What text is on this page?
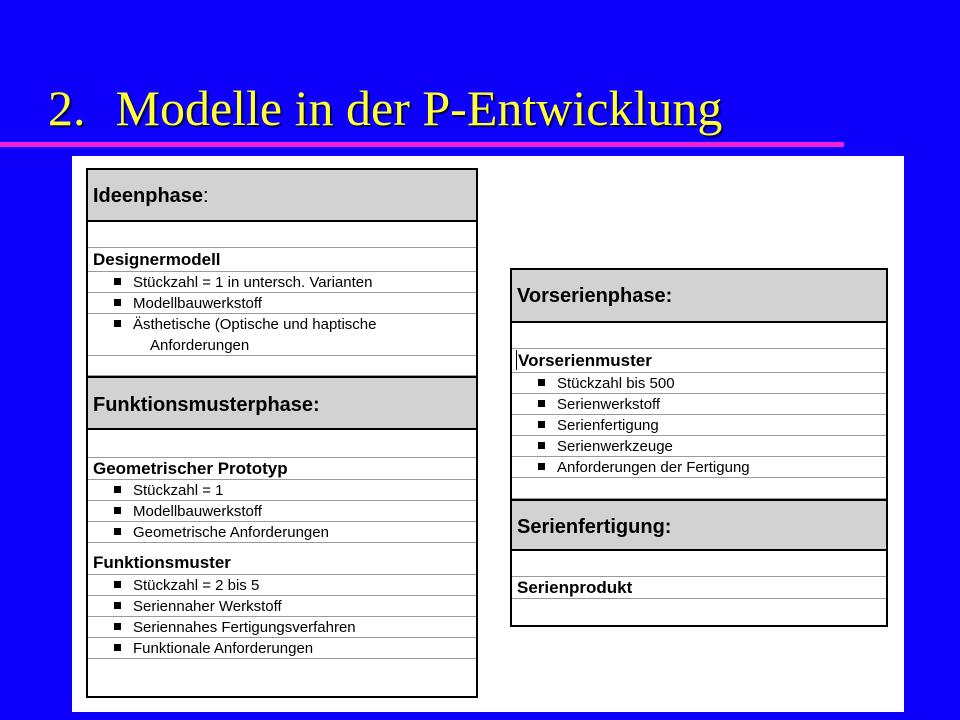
2. Modelle in der P-Entwicklung
Ideenphase:
Designermodell
Stückzahl = 1 in untersch. Varianten
Modellbauwerkstoff
Ästhetische (Optische und haptische
Anforderungen
Funktionsmusterphase:
Geometrischer Prototyp
Stückzahl = 1
Modellbauwerkstoff
Geometrische Anforderungen
Funktionsmuster
Stückzahl = 2 bis 5
Seriennaher Werkstoff
Seriennahes Fertigungsverfahren
Funktionale Anforderungen
Vorserienphase:
Vorserienmuster
Stückzahl bis 500
Serienwerkstoff
Serienfertigung
Serienwerkzeuge
Anforderungen der Fertigung
Serienfertigung:
Serienprodukt
